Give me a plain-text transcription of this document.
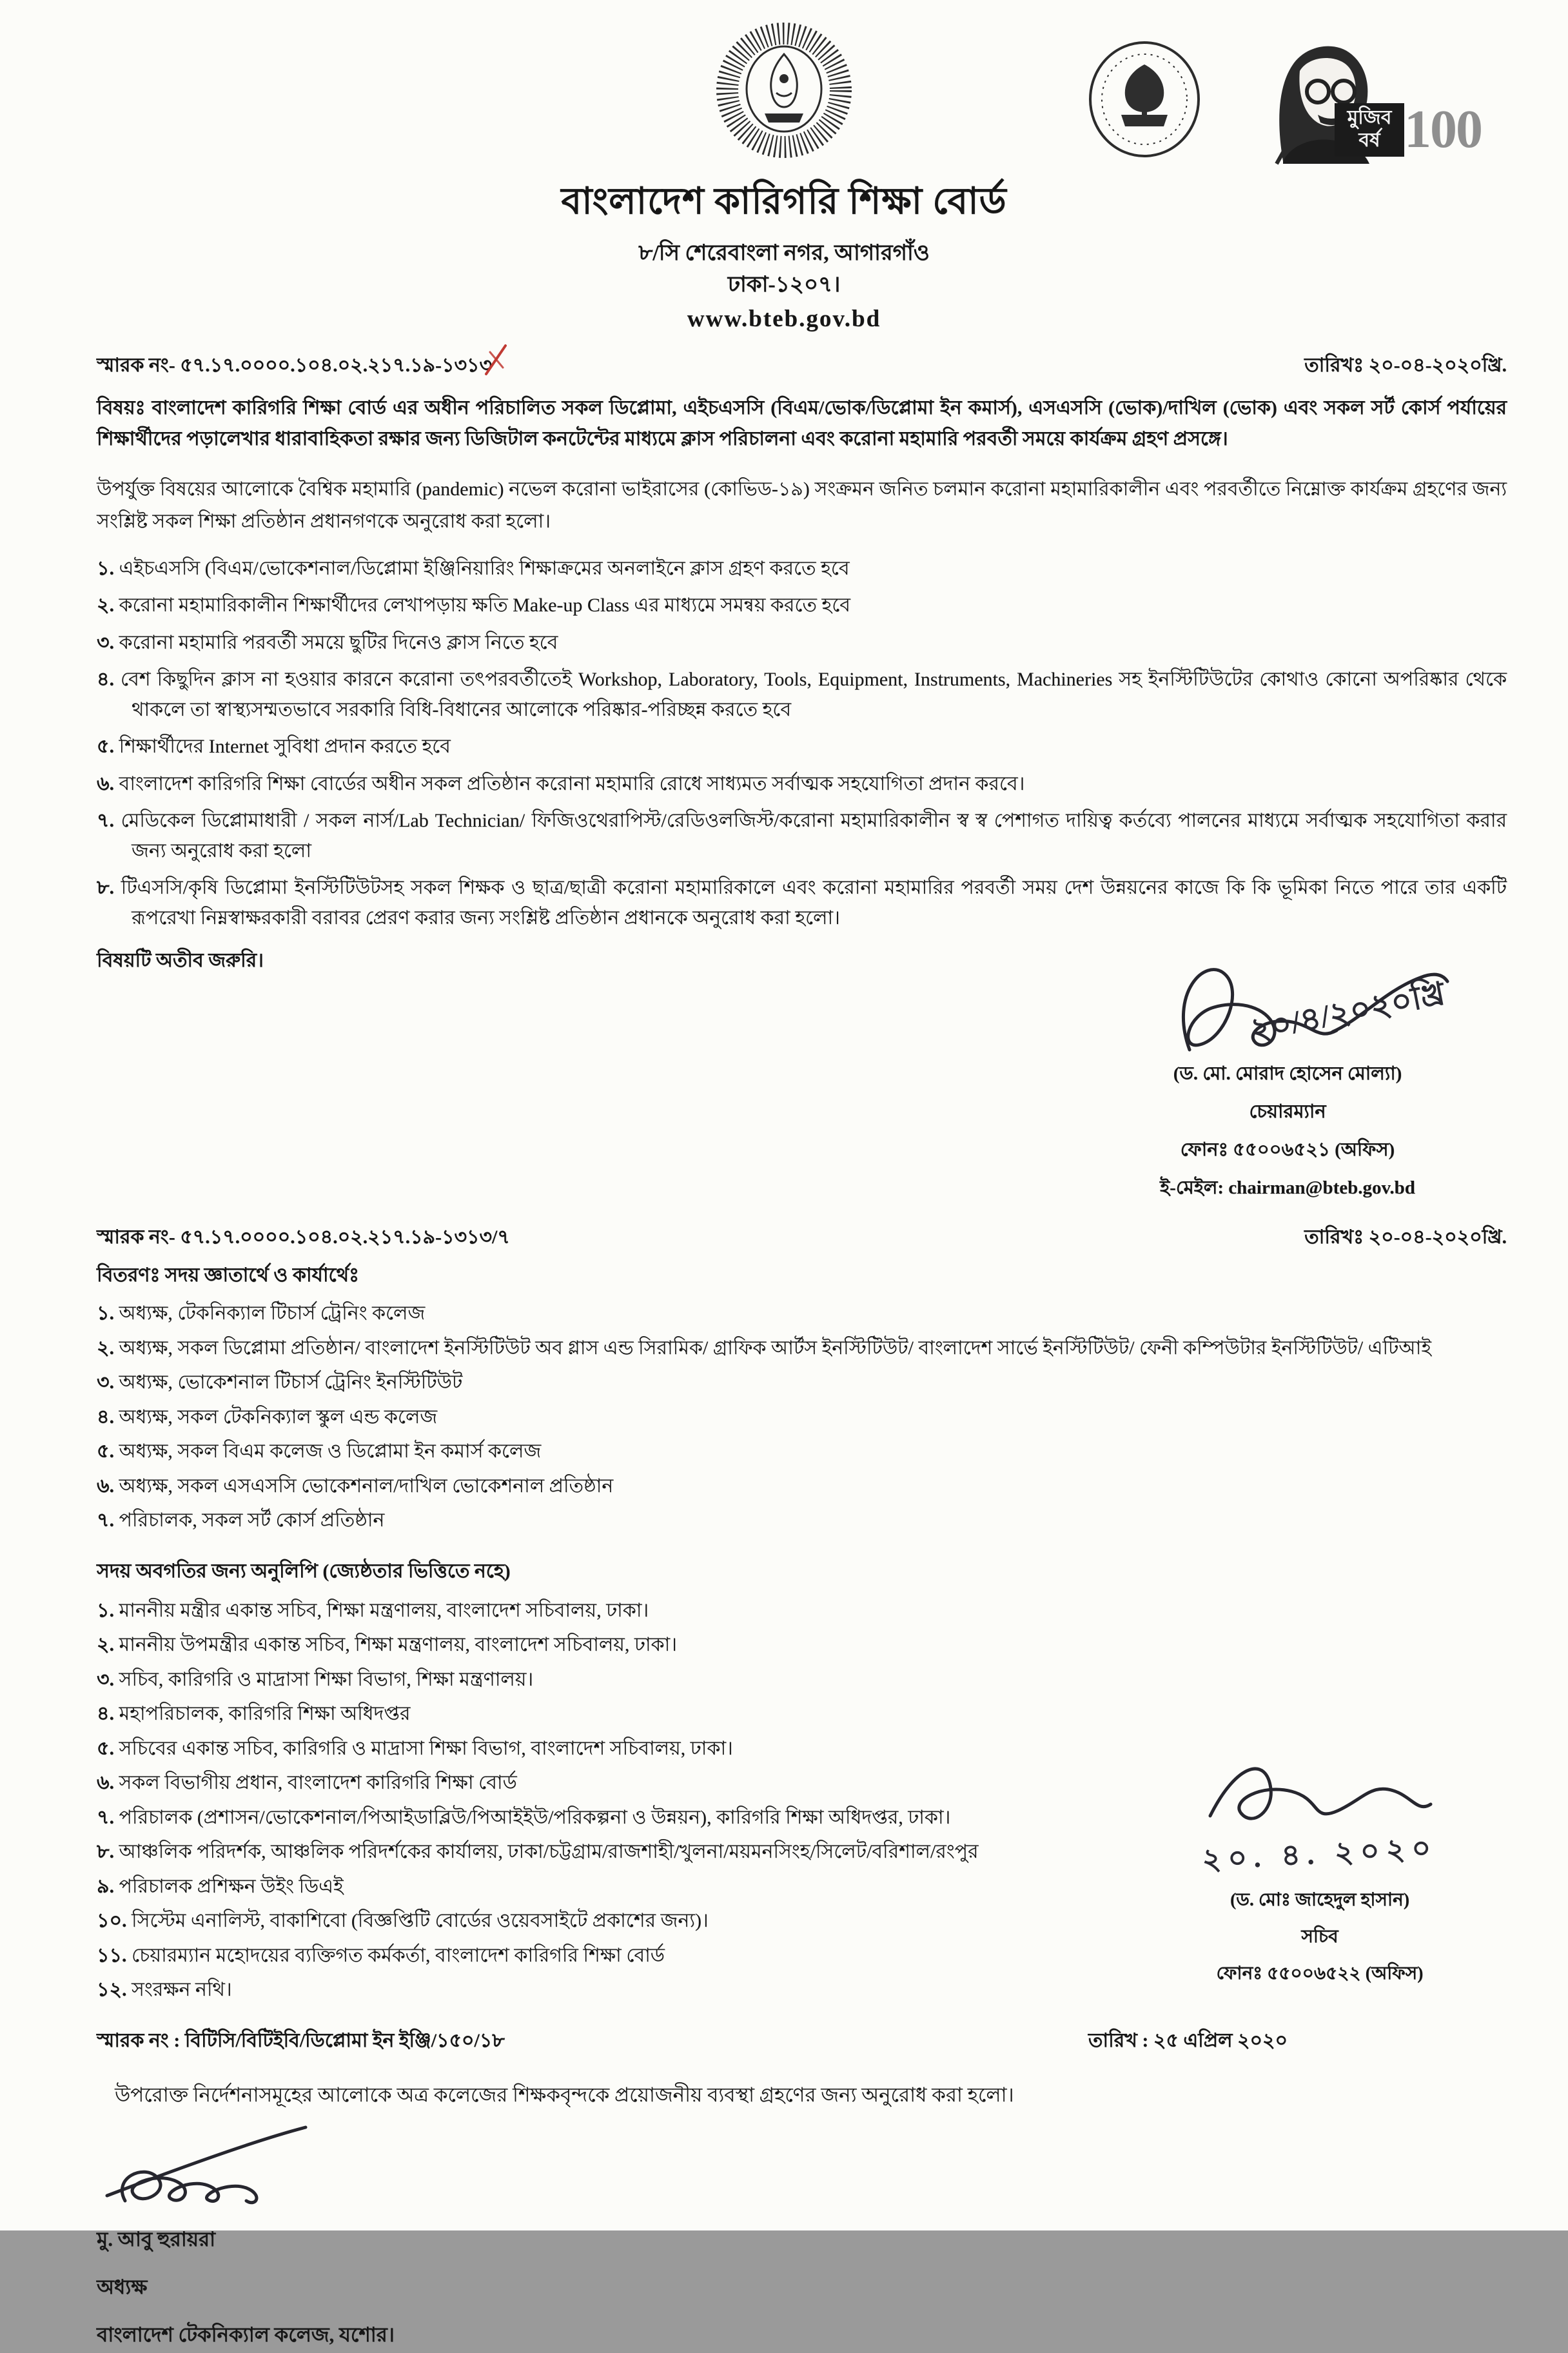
মুজিব
বর্ষ 100
বাংলাদেশ কারিগরি শিক্ষা বোর্ড
৮/সি শেরেবাংলা নগর, আগারগাঁও
ঢাকা-১২০৭।
www.bteb.gov.bd
স্মারক নং- ৫৭.১৭.০০০০.১০৪.০২.২১৭.১৯-১৩১৩	তারিখঃ ২০-০৪-২০২০খ্রি.

বিষয়ঃ বাংলাদেশ কারিগরি শিক্ষা বোর্ড এর অধীন পরিচালিত সকল ডিপ্লোমা, এইচএসসি (বিএম/ভোক/ডিপ্লোমা ইন কমার্স), এসএসসি (ভোক)/দাখিল (ভোক) এবং সকল সর্ট কোর্স পর্যায়ের শিক্ষার্থীদের পড়ালেখার ধারাবাহিকতা রক্ষার জন্য ডিজিটাল কনটেন্টের মাধ্যমে ক্লাস পরিচালনা এবং করোনা মহামারি পরবর্তী সময়ে কার্যক্রম গ্রহণ প্রসঙ্গে।

উপর্যুক্ত বিষয়ের আলোকে বৈশ্বিক মহামারি (pandemic) নভেল করোনা ভাইরাসের (কোভিড-১৯) সংক্রমন জনিত চলমান করোনা মহামারিকালীন এবং পরবর্তীতে নিম্নোক্ত কার্যক্রম গ্রহণের জন্য সংশ্লিষ্ট সকল শিক্ষা প্রতিষ্ঠান প্রধানগণকে অনুরোধ করা হলো।

১. এইচএসসি (বিএম/ভোকেশনাল/ডিপ্লোমা ইঞ্জিনিয়ারিং শিক্ষাক্রমের অনলাইনে ক্লাস গ্রহণ করতে হবে
২. করোনা মহামারিকালীন শিক্ষার্থীদের লেখাপড়ায় ক্ষতি Make-up Class এর মাধ্যমে সমন্বয় করতে হবে
৩. করোনা মহামারি পরবর্তী সময়ে ছুটির দিনেও ক্লাস নিতে হবে
৪. বেশ কিছুদিন ক্লাস না হওয়ার কারনে করোনা তৎপরবর্তীতেই Workshop, Laboratory, Tools, Equipment, Instruments, Machineries সহ ইনস্টিটিউটের কোথাও কোনো অপরিষ্কার থেকে থাকলে তা স্বাস্থ্যসম্মতভাবে সরকারি বিধি-বিধানের আলোকে পরিষ্কার-পরিচ্ছন্ন করতে হবে
৫. শিক্ষার্থীদের Internet সুবিধা প্রদান করতে হবে
৬. বাংলাদেশ কারিগরি শিক্ষা বোর্ডের অধীন সকল প্রতিষ্ঠান করোনা মহামারি রোধে সাধ্যমত সর্বাত্মক সহযোগিতা প্রদান করবে।
৭. মেডিকেল ডিপ্লোমাধারী / সকল নার্স/Lab Technician/ ফিজিওথেরাপিস্ট/রেডিওলজিস্ট/করোনা মহামারিকালীন স্ব স্ব পেশাগত দায়িত্ব কর্তব্যে পালনের মাধ্যমে সর্বাত্মক সহযোগিতা করার জন্য অনুরোধ করা হলো
৮. টিএসসি/কৃষি ডিপ্লোমা ইনস্টিটিউটসহ সকল শিক্ষক ও ছাত্র/ছাত্রী করোনা মহামারিকালে এবং করোনা মহামারির পরবর্তী সময় দেশ উন্নয়নের কাজে কি কি ভূমিকা নিতে পারে তার একটি রূপরেখা নিম্নস্বাক্ষরকারী বরাবর প্রেরণ করার জন্য সংশ্লিষ্ট প্রতিষ্ঠান প্রধানকে অনুরোধ করা হলো।

বিষয়টি অতীব জরুরি।

২০/৪/২০২০খ্রি
(ড. মো. মোরাদ হোসেন মোল্যা)
চেয়ারম্যান
ফোনঃ ৫৫০০৬৫২১ (অফিস)
ই-মেইল: chairman@bteb.gov.bd
স্মারক নং- ৫৭.১৭.০০০০.১০৪.০২.২১৭.১৯-১৩১৩/৭	তারিখঃ ২০-০৪-২০২০খ্রি.
বিতরণঃ সদয় জ্ঞাতার্থে ও কার্যার্থেঃ
১. অধ্যক্ষ, টেকনিক্যাল টিচার্স ট্রেনিং কলেজ
২. অধ্যক্ষ, সকল ডিপ্লোমা প্রতিষ্ঠান/ বাংলাদেশ ইনস্টিটিউট অব গ্লাস এন্ড সিরামিক/ গ্রাফিক আর্টস ইনস্টিটিউট/ বাংলাদেশ সার্ভে ইনস্টিটিউট/ ফেনী কম্পিউটার ইনস্টিটিউট/ এটিআই
৩. অধ্যক্ষ, ভোকেশনাল টিচার্স ট্রেনিং ইনস্টিটিউট
৪. অধ্যক্ষ, সকল টেকনিক্যাল স্কুল এন্ড কলেজ
৫. অধ্যক্ষ, সকল বিএম কলেজ ও ডিপ্লোমা ইন কমার্স কলেজ
৬. অধ্যক্ষ, সকল এসএসসি ভোকেশনাল/দাখিল ভোকেশনাল প্রতিষ্ঠান
৭. পরিচালক, সকল সর্ট কোর্স প্রতিষ্ঠান
সদয় অবগতির জন্য অনুলিপি (জ্যেষ্ঠতার ভিত্তিতে নহে)
১. মাননীয় মন্ত্রীর একান্ত সচিব, শিক্ষা মন্ত্রণালয়, বাংলাদেশ সচিবালয়, ঢাকা।
২. মাননীয় উপমন্ত্রীর একান্ত সচিব, শিক্ষা মন্ত্রণালয়, বাংলাদেশ সচিবালয়, ঢাকা।
৩. সচিব, কারিগরি ও মাদ্রাসা শিক্ষা বিভাগ, শিক্ষা মন্ত্রণালয়।
৪. মহাপরিচালক, কারিগরি শিক্ষা অধিদপ্তর
৫. সচিবের একান্ত সচিব, কারিগরি ও মাদ্রাসা শিক্ষা বিভাগ, বাংলাদেশ সচিবালয়, ঢাকা।
৬. সকল বিভাগীয় প্রধান, বাংলাদেশ কারিগরি শিক্ষা বোর্ড
৭. পরিচালক (প্রশাসন/ভোকেশনাল/পিআইডাব্লিউ/পিআইইউ/পরিকল্পনা ও উন্নয়ন), কারিগরি শিক্ষা অধিদপ্তর, ঢাকা।
৮. আঞ্চলিক পরিদর্শক, আঞ্চলিক পরিদর্শকের কার্যালয়, ঢাকা/চট্টগ্রাম/রাজশাহী/খুলনা/ময়মনসিংহ/সিলেট/বরিশাল/রংপুর
৯. পরিচালক প্রশিক্ষন উইং ডিএই
১০. সিস্টেম এনালিস্ট, বাকাশিবো (বিজ্ঞপ্তিটি বোর্ডের ওয়েবসাইটে প্রকাশের জন্য)।
১১. চেয়ারম্যান মহোদয়ের ব্যক্তিগত কর্মকর্তা, বাংলাদেশ কারিগরি শিক্ষা বোর্ড
১২. সংরক্ষন নথি।
২০. ৪. ২০২০
(ড. মোঃ জাহেদুল হাসান)
সচিব
ফোনঃ ৫৫০০৬৫২২ (অফিস)
স্মারক নং : বিটিসি/বিটিইবি/ডিপ্লোমা ইন ইঞ্জি/১৫০/১৮	তারিখ : ২৫ এপ্রিল ২০২০

উপরোক্ত নির্দেশনাসমূহের আলোকে অত্র কলেজের শিক্ষকবৃন্দকে প্রয়োজনীয় ব্যবস্থা গ্রহণের জন্য অনুরোধ করা হলো।

মু. আবু হুরায়রা
অধ্যক্ষ
বাংলাদেশ টেকনিক্যাল কলেজ, যশোর।
